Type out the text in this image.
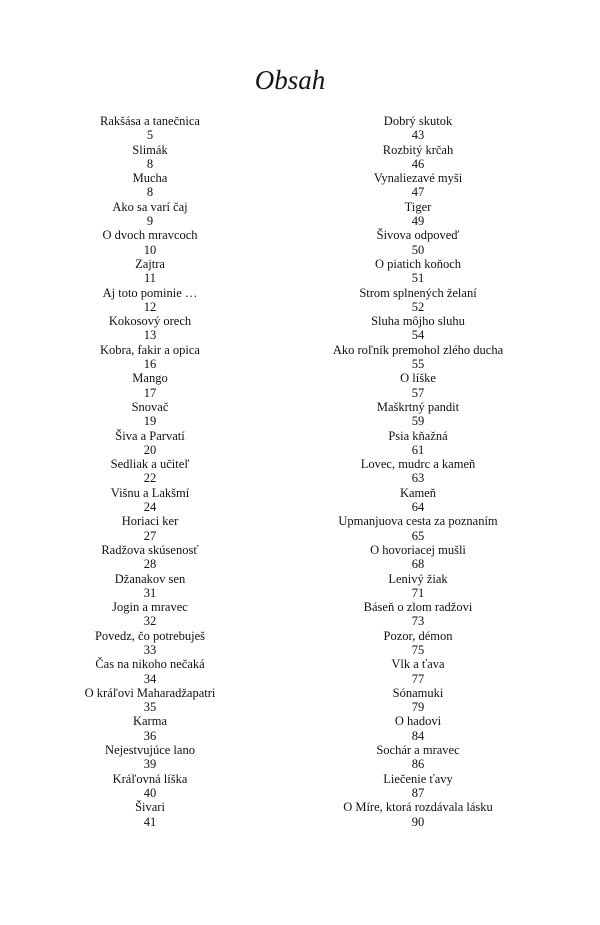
Obsah
Rakšása a tanečnica
5
Slimák
8
Mucha
8
Ako sa varí čaj
9
O dvoch mravcoch
10
Zajtra
11
Aj toto pominie …
12
Kokosový orech
13
Kobra, fakir a opica
16
Mango
17
Snovač
19
Šiva a Parvatí
20
Sedliak a učiteľ
22
Višnu a Lakšmí
24
Horiaci ker
27
Radžova skúsenosť
28
Džanakov sen
31
Jogin a mravec
32
Povedz, čo potrebuješ
33
Čas na nikoho nečaká
34
O kráľovi Maharadžapatri
35
Karma
36
Nejestvujúce lano
39
Kráľovná líška
40
Šivari
41
Dobrý skutok
43
Rozbitý krčah
46
Vynaliezavé myši
47
Tiger
49
Šivova odpoveď
50
O piatich koňoch
51
Strom splnených želaní
52
Sluha môjho sluhu
54
Ako roľník premohol zlého ducha
55
O líške
57
Maškrtný pandit
59
Psia kňažná
61
Lovec, mudrc a kameň
63
Kameň
64
Upmanjuova cesta za poznaním
65
O hovoriacej mušli
68
Lenivý žiak
71
Báseň o zlom radžovi
73
Pozor, démon
75
Vlk a ťava
77
Sónamuki
79
O hadovi
84
Sochár a mravec
86
Liečenie ťavy
87
O Míre, ktorá rozdávala lásku
90
